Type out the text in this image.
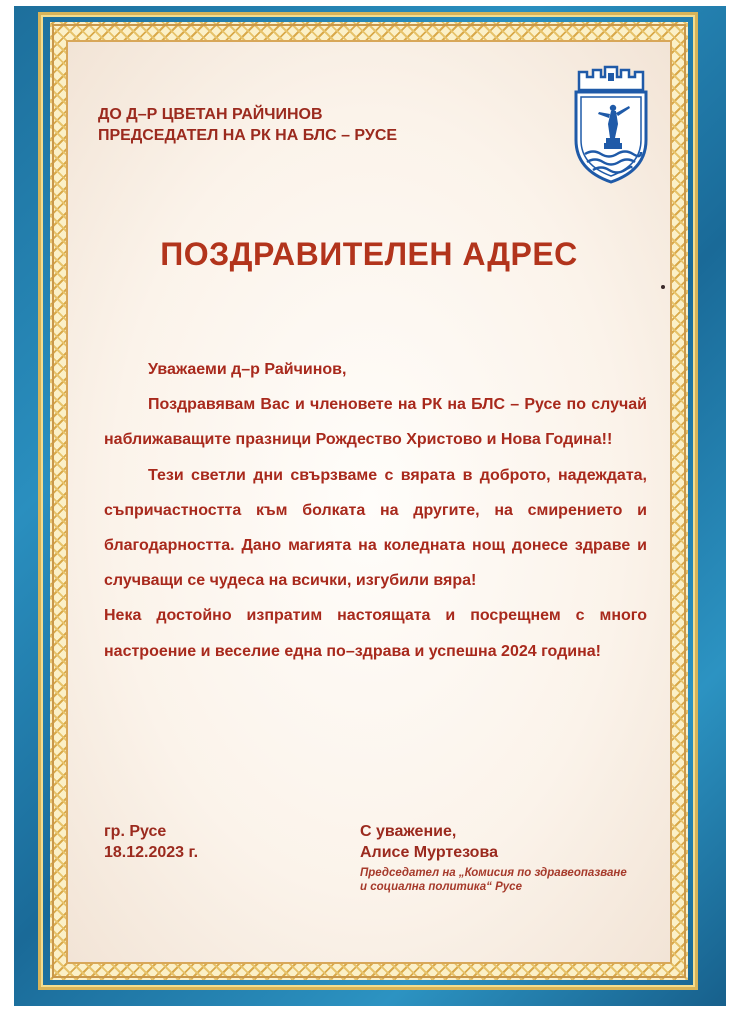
ДО Д–Р ЦВЕТАН РАЙЧИНОВ
ПРЕДСЕДАТЕЛ НА РК НА БЛС – РУСЕ
ПОЗДРАВИТЕЛЕН АДРЕС

Уважаеми д–р Райчинов,

Поздравявам Вас и членовете на РК на БЛС – Русе по случай наближаващите празници Рождество Христово и Нова Година!!

Тези светли дни свързваме с вярата в доброто, надеждата, съпричастността към болката на другите, на смирението и благодарността. Дано магията на коледната нощ донесе здраве и случващи се чудеса на всички, изгубили вяра!

Нека достойно изпратим настоящата и посрещнем с много настроение и веселие една по–здрава и успешна 2024 година!

гр. Русе
18.12.2023 г.
С уважение,
Алисе Муртезова
Председател на „Комисия по здравеопазване
и социална политика“ Русе
